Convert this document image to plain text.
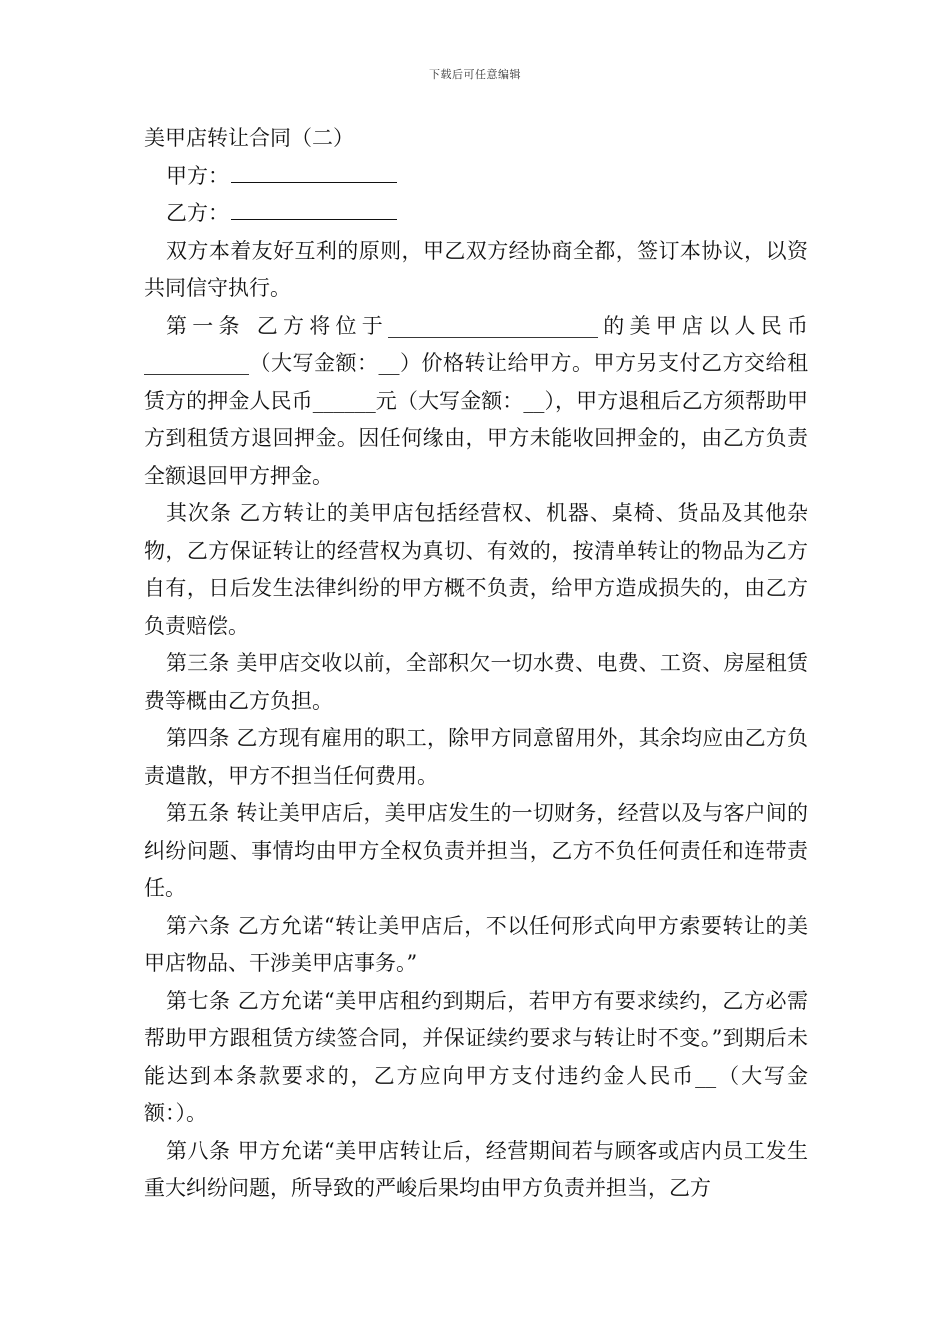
下载后可任意编辑
美甲店转让合同（二）
甲方：
乙方：

双方本着友好互利的原则，甲乙双方经协商全都，签订本协议，以资共同信守执行。

第一条 乙方将位于____________________的美甲店以人民币__________（大写金额：__）价格转让给甲方。甲方另支付乙方交给租赁方的押金人民币______元（大写金额：__），甲方退租后乙方须帮助甲方到租赁方退回押金。因任何缘由，甲方未能收回押金的，由乙方负责全额退回甲方押金。

其次条 乙方转让的美甲店包括经营权、机器、桌椅、货品及其他杂物，乙方保证转让的经营权为真切、有效的，按清单转让的物品为乙方自有，日后发生法律纠纷的甲方概不负责，给甲方造成损失的，由乙方负责赔偿。

第三条 美甲店交收以前，全部积欠一切水费、电费、工资、房屋租赁费等概由乙方负担。

第四条 乙方现有雇用的职工，除甲方同意留用外，其余均应由乙方负责遣散，甲方不担当任何费用。

第五条 转让美甲店后，美甲店发生的一切财务，经营以及与客户间的纠纷问题、事情均由甲方全权负责并担当，乙方不负任何责任和连带责任。

第六条 乙方允诺“转让美甲店后，不以任何形式向甲方索要转让的美甲店物品、干涉美甲店事务。”

第七条 乙方允诺“美甲店租约到期后，若甲方有要求续约，乙方必需帮助甲方跟租赁方续签合同，并保证续约要求与转让时不变。”到期后未能达到本条款要求的，乙方应向甲方支付违约金人民币__（大写金额：）。

第八条 甲方允诺“美甲店转让后，经营期间若与顾客或店内员工发生重大纠纷问题，所导致的严峻后果均由甲方负责并担当，乙方
